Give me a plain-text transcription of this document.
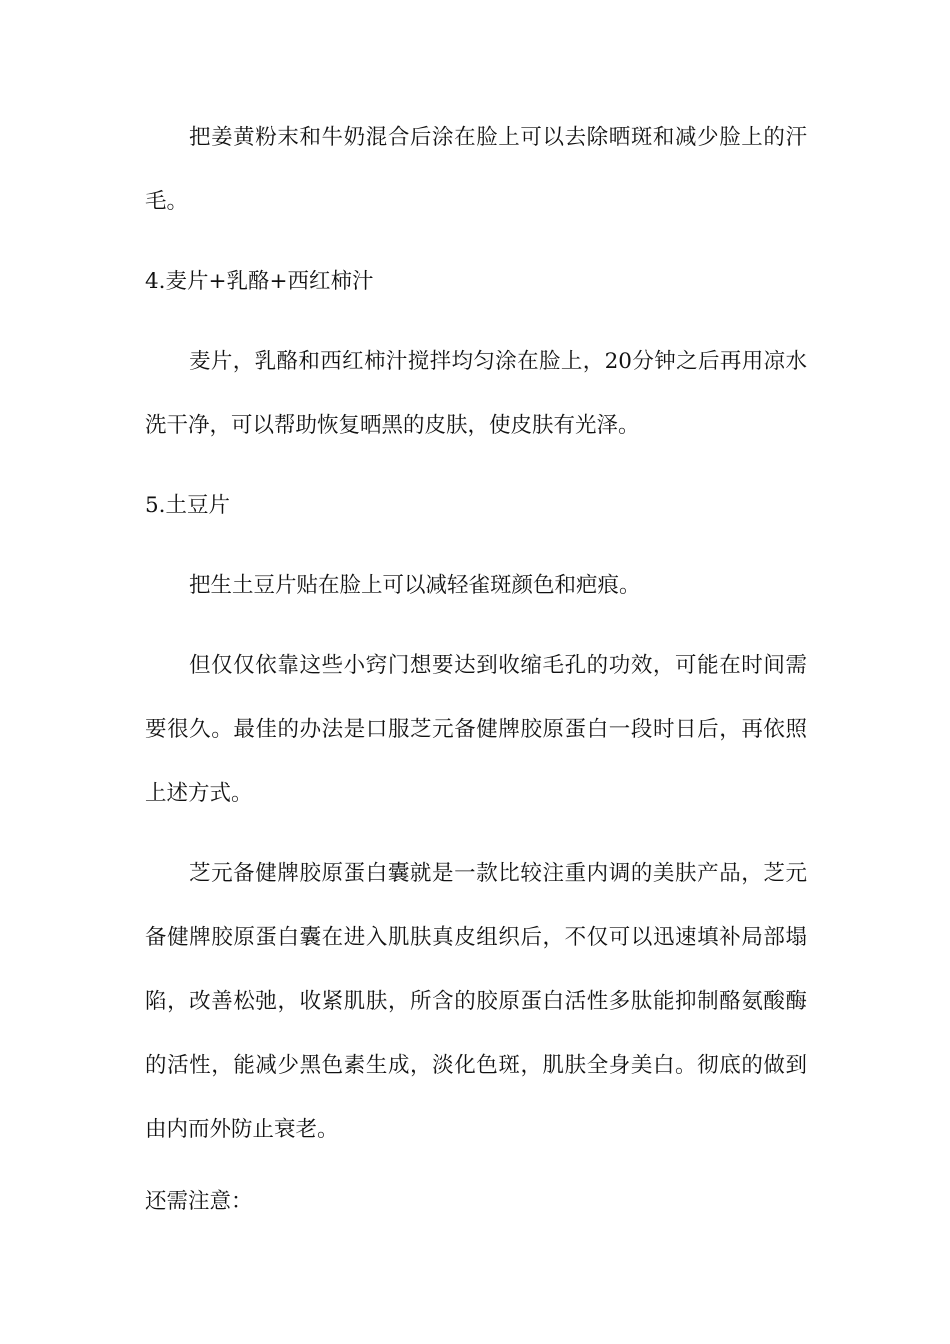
把姜黄粉末和牛奶混合后涂在脸上可以去除晒斑和减少脸上的汗毛。

4.麦片+乳酪+西红柿汁

麦片，乳酪和西红柿汁搅拌均匀涂在脸上，20分钟之后再用凉水洗干净，可以帮助恢复晒黑的皮肤，使皮肤有光泽。

5.土豆片

把生土豆片贴在脸上可以减轻雀斑颜色和疤痕。

但仅仅依靠这些小窍门想要达到收缩毛孔的功效，可能在时间需要很久。最佳的办法是口服芝元备健牌胶原蛋白一段时日后，再依照上述方式。

芝元备健牌胶原蛋白囊就是一款比较注重内调的美肤产品，芝元备健牌胶原蛋白囊在进入肌肤真皮组织后，不仅可以迅速填补局部塌陷，改善松弛，收紧肌肤，所含的胶原蛋白活性多肽能抑制酪氨酸酶的活性，能减少黑色素生成，淡化色斑，肌肤全身美白。彻底的做到由内而外防止衰老。

还需注意：
